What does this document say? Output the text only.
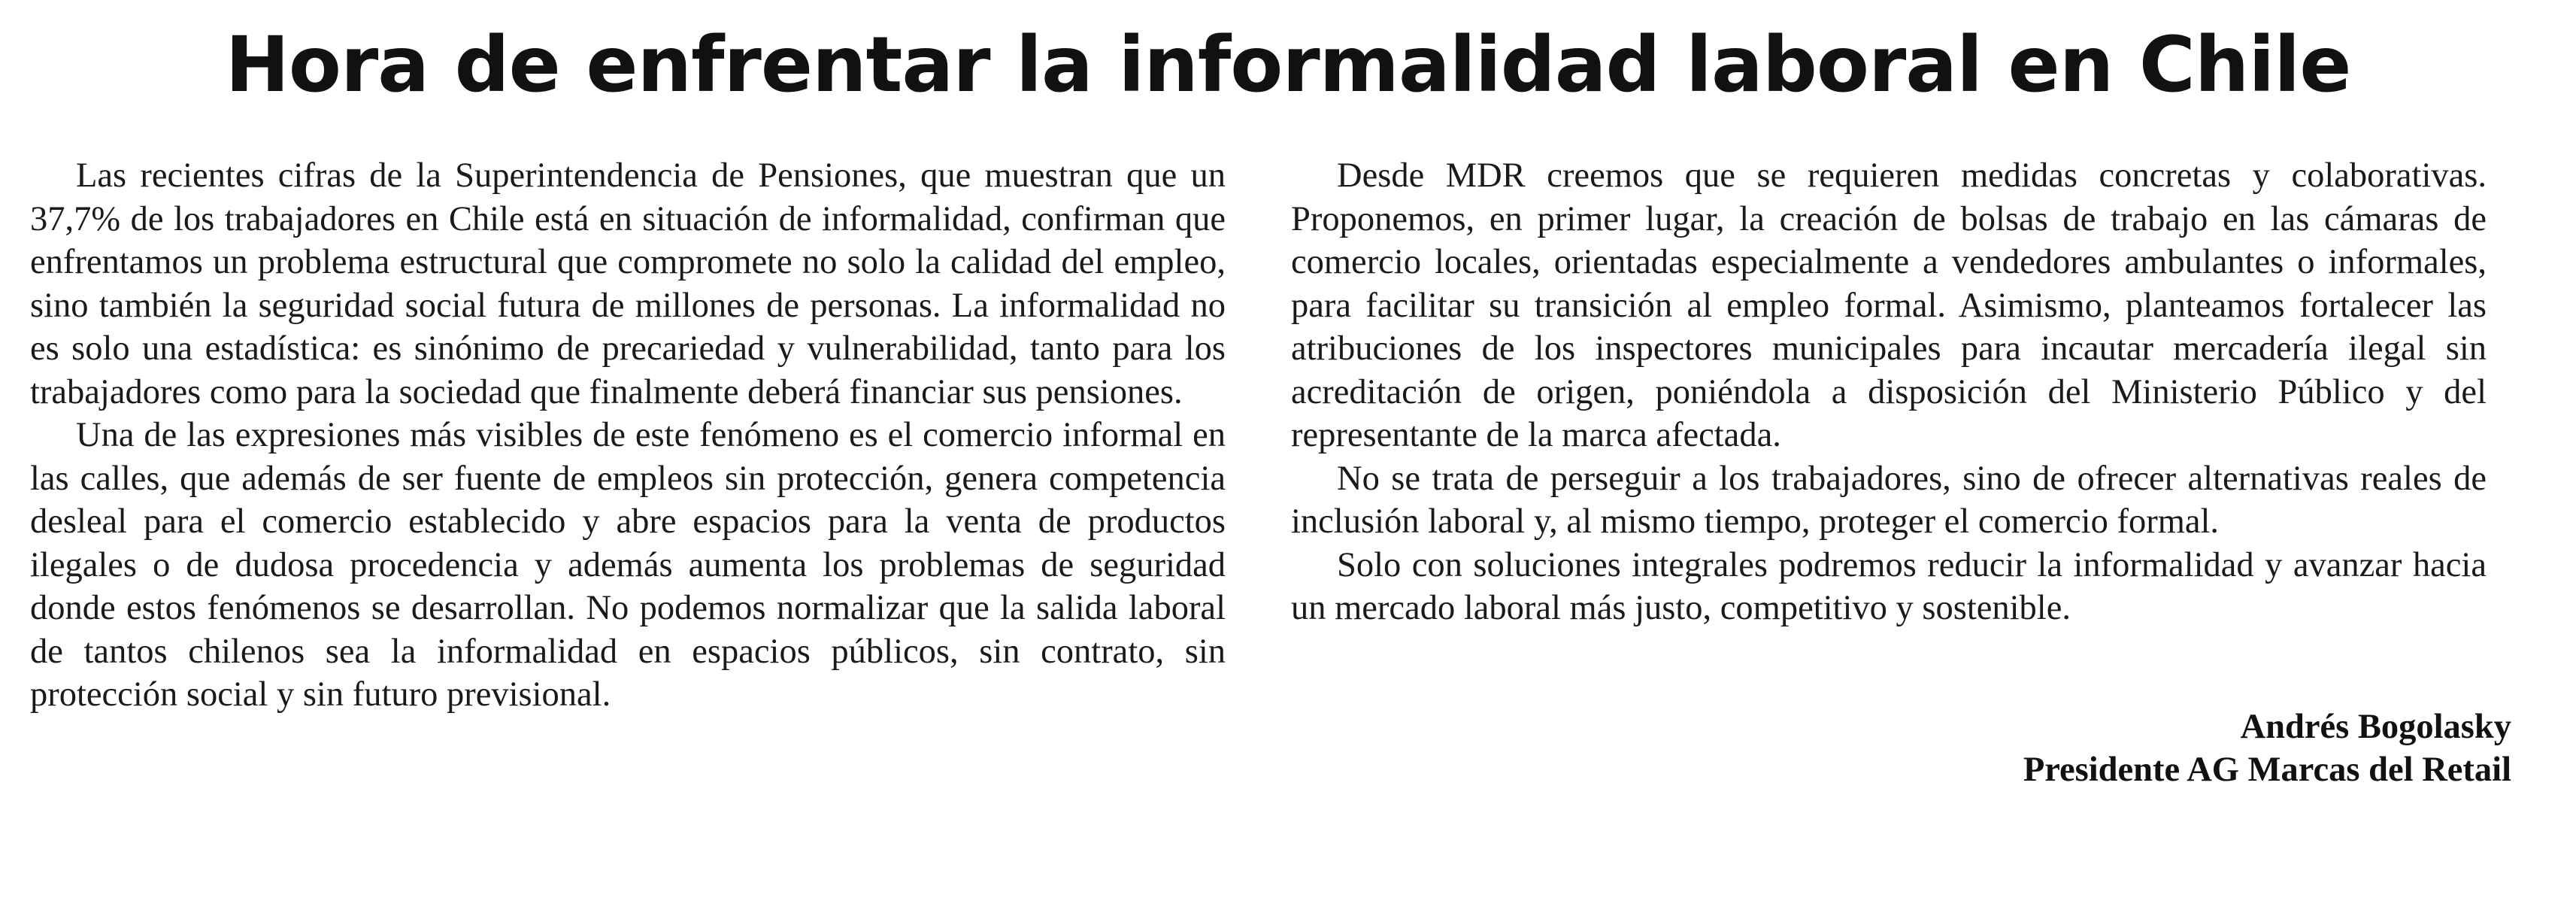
Hora de enfrentar la informalidad laboral en Chile

Las recientes cifras de la Superintendencia de Pensiones, que muestran que un 37,7% de los trabajadores en Chile está en situación de informalidad, confirman que enfrentamos un problema estructural que compromete no solo la calidad del empleo, sino también la seguridad social futura de millones de personas. La informalidad no es solo una estadística: es sinónimo de precariedad y vulnerabilidad, tanto para los trabajadores como para la sociedad que finalmente deberá financiar sus pensiones.

Una de las expresiones más visibles de este fenómeno es el comercio informal en las calles, que además de ser fuente de empleos sin protección, genera competencia desleal para el comercio establecido y abre espacios para la venta de productos ilegales o de dudosa procedencia y además aumenta los problemas de seguridad donde estos fenómenos se desarrollan. No podemos normalizar que la salida laboral de tantos chilenos sea la informalidad en espacios públicos, sin contrato, sin protección social y sin futuro previsional.

Desde MDR creemos que se requieren medidas concretas y colaborativas. Proponemos, en primer lugar, la creación de bolsas de trabajo en las cámaras de comercio locales, orientadas especialmente a vendedores ambulantes o informales, para facilitar su transición al empleo formal. Asimismo, planteamos fortalecer las atribuciones de los inspectores municipales para incautar mercadería ilegal sin acreditación de origen, poniéndola a disposición del Ministerio Público y del representante de la marca afectada.

No se trata de perseguir a los trabajadores, sino de ofrecer alternativas reales de inclusión laboral y, al mismo tiempo, proteger el comercio formal.

Solo con soluciones integrales podremos reducir la informalidad y avanzar hacia un mercado laboral más justo, competitivo y sostenible.

Andrés Bogolasky
Presidente AG Marcas del Retail
